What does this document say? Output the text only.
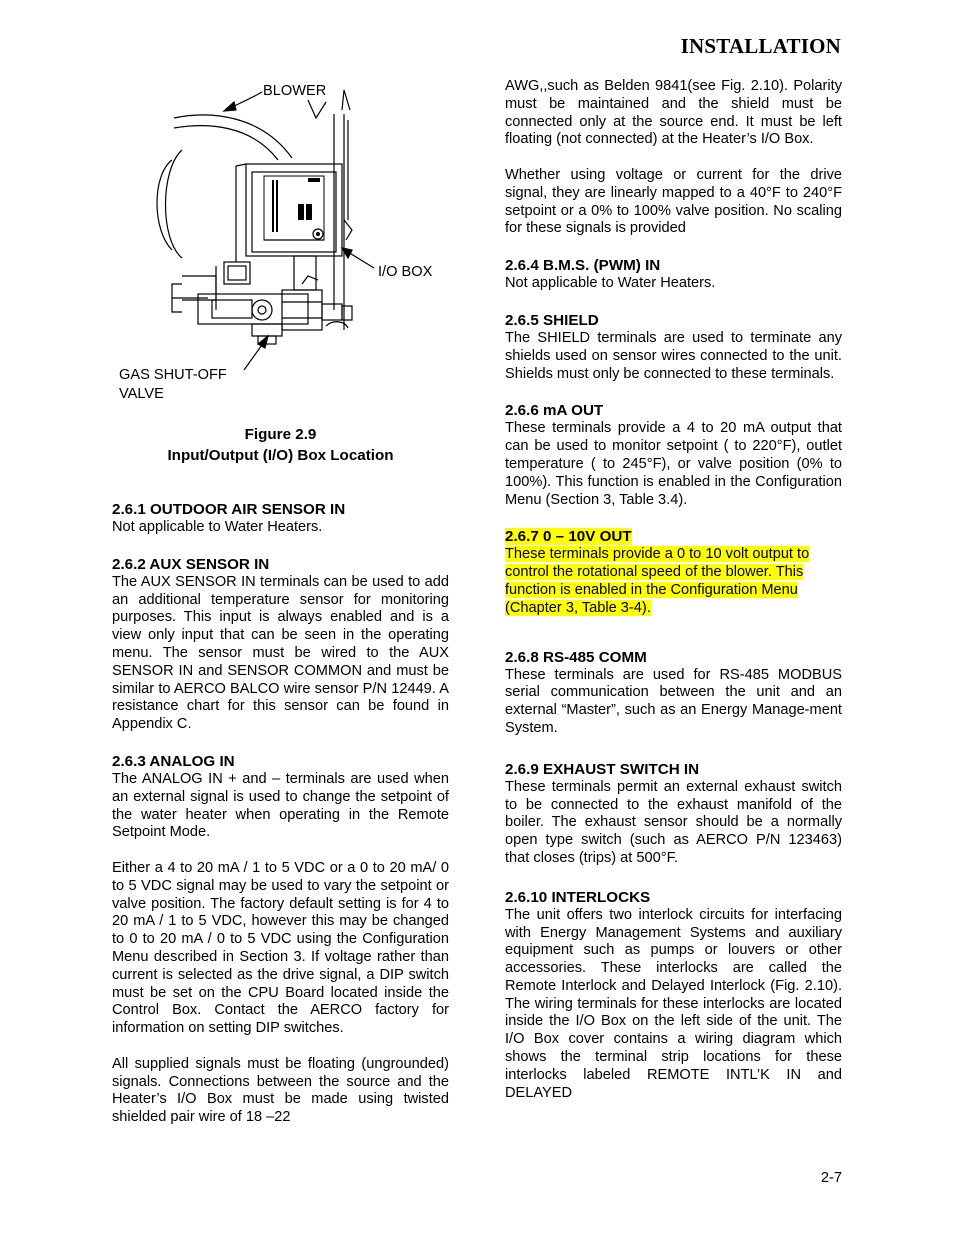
INSTALLATION
BLOWER
I/O BOX
GAS SHUT-OFF
VALVE
Figure 2.9
Input/Output (I/O) Box Location
2.6.1 OUTDOOR AIR SENSOR IN

Not applicable to Water Heaters.

2.6.2 AUX SENSOR IN

The AUX SENSOR IN terminals can be used to add an additional temperature sensor for monitoring purposes. This input is always enabled and is a view only input that can be seen in the operating menu. The sensor must be wired to the AUX SENSOR IN and SENSOR COMMON and must be similar to AERCO BALCO wire sensor P/N 12449. A resistance chart for this sensor can be found in Appendix C.

2.6.3 ANALOG IN

The ANALOG IN + and – terminals are used when an external signal is used to change the setpoint of the water heater when operating in the Remote Setpoint Mode.

Either a 4 to 20 mA / 1 to 5 VDC or a 0 to 20 mA/ 0 to 5 VDC signal may be used to vary the setpoint or valve position. The factory default setting is for 4 to 20 mA / 1 to 5 VDC, however this may be changed to 0 to 20 mA / 0 to 5 VDC using the Configuration Menu described in Section 3. If voltage rather than current is selected as the drive signal, a DIP switch must be set on the CPU Board located inside the Control Box. Contact the AERCO factory for information on setting DIP switches.

All supplied signals must be floating (ungrounded) signals. Connections between the source and the Heater’s I/O Box must be made using twisted shielded pair wire of 18 –22

AWG,,such as Belden 9841(see Fig. 2.10). Polarity must be maintained and the shield must be connected only at the source end. It must be left floating (not connected) at the Heater’s I/O Box.

Whether using voltage or current for the drive signal, they are linearly mapped to a 40°F to 240°F setpoint or a 0% to 100% valve position. No scaling for these signals is provided

2.6.4 B.M.S. (PWM) IN

Not applicable to Water Heaters.

2.6.5 SHIELD

The SHIELD terminals are used to terminate any shields used on sensor wires connected to the unit. Shields must only be connected to these terminals.

2.6.6 mA OUT

These terminals provide a 4 to 20 mA output that can be used to monitor setpoint ( to 220°F), outlet temperature ( to 245°F), or valve position (0% to 100%). This function is enabled in the Configuration Menu (Section 3, Table 3.4).

2.6.7 0 – 10V OUT

These terminals provide a 0 to 10 volt output to
control the rotational speed of the blower. This
function is enabled in the Configuration Menu
(Chapter 3, Table 3-4).

2.6.8 RS-485 COMM

These terminals are used for RS-485 MODBUS serial communication between the unit and an external “Master”, such as an Energy Manage-ment System.

2.6.9 EXHAUST SWITCH IN

These terminals permit an external exhaust switch to be connected to the exhaust manifold of the boiler. The exhaust sensor should be a normally open type switch (such as AERCO P/N 123463) that closes (trips) at 500°F.

2.6.10 INTERLOCKS

The unit offers two interlock circuits for interfacing with Energy Management Systems and auxiliary equipment such as pumps or louvers or other accessories. These interlocks are called the Remote Interlock and Delayed Interlock (Fig. 2.10). The wiring terminals for these interlocks are located inside the I/O Box on the left side of the unit. The I/O Box cover contains a wiring diagram which shows the terminal strip locations for these interlocks labeled REMOTE INTL’K IN and DELAYED

2-7
